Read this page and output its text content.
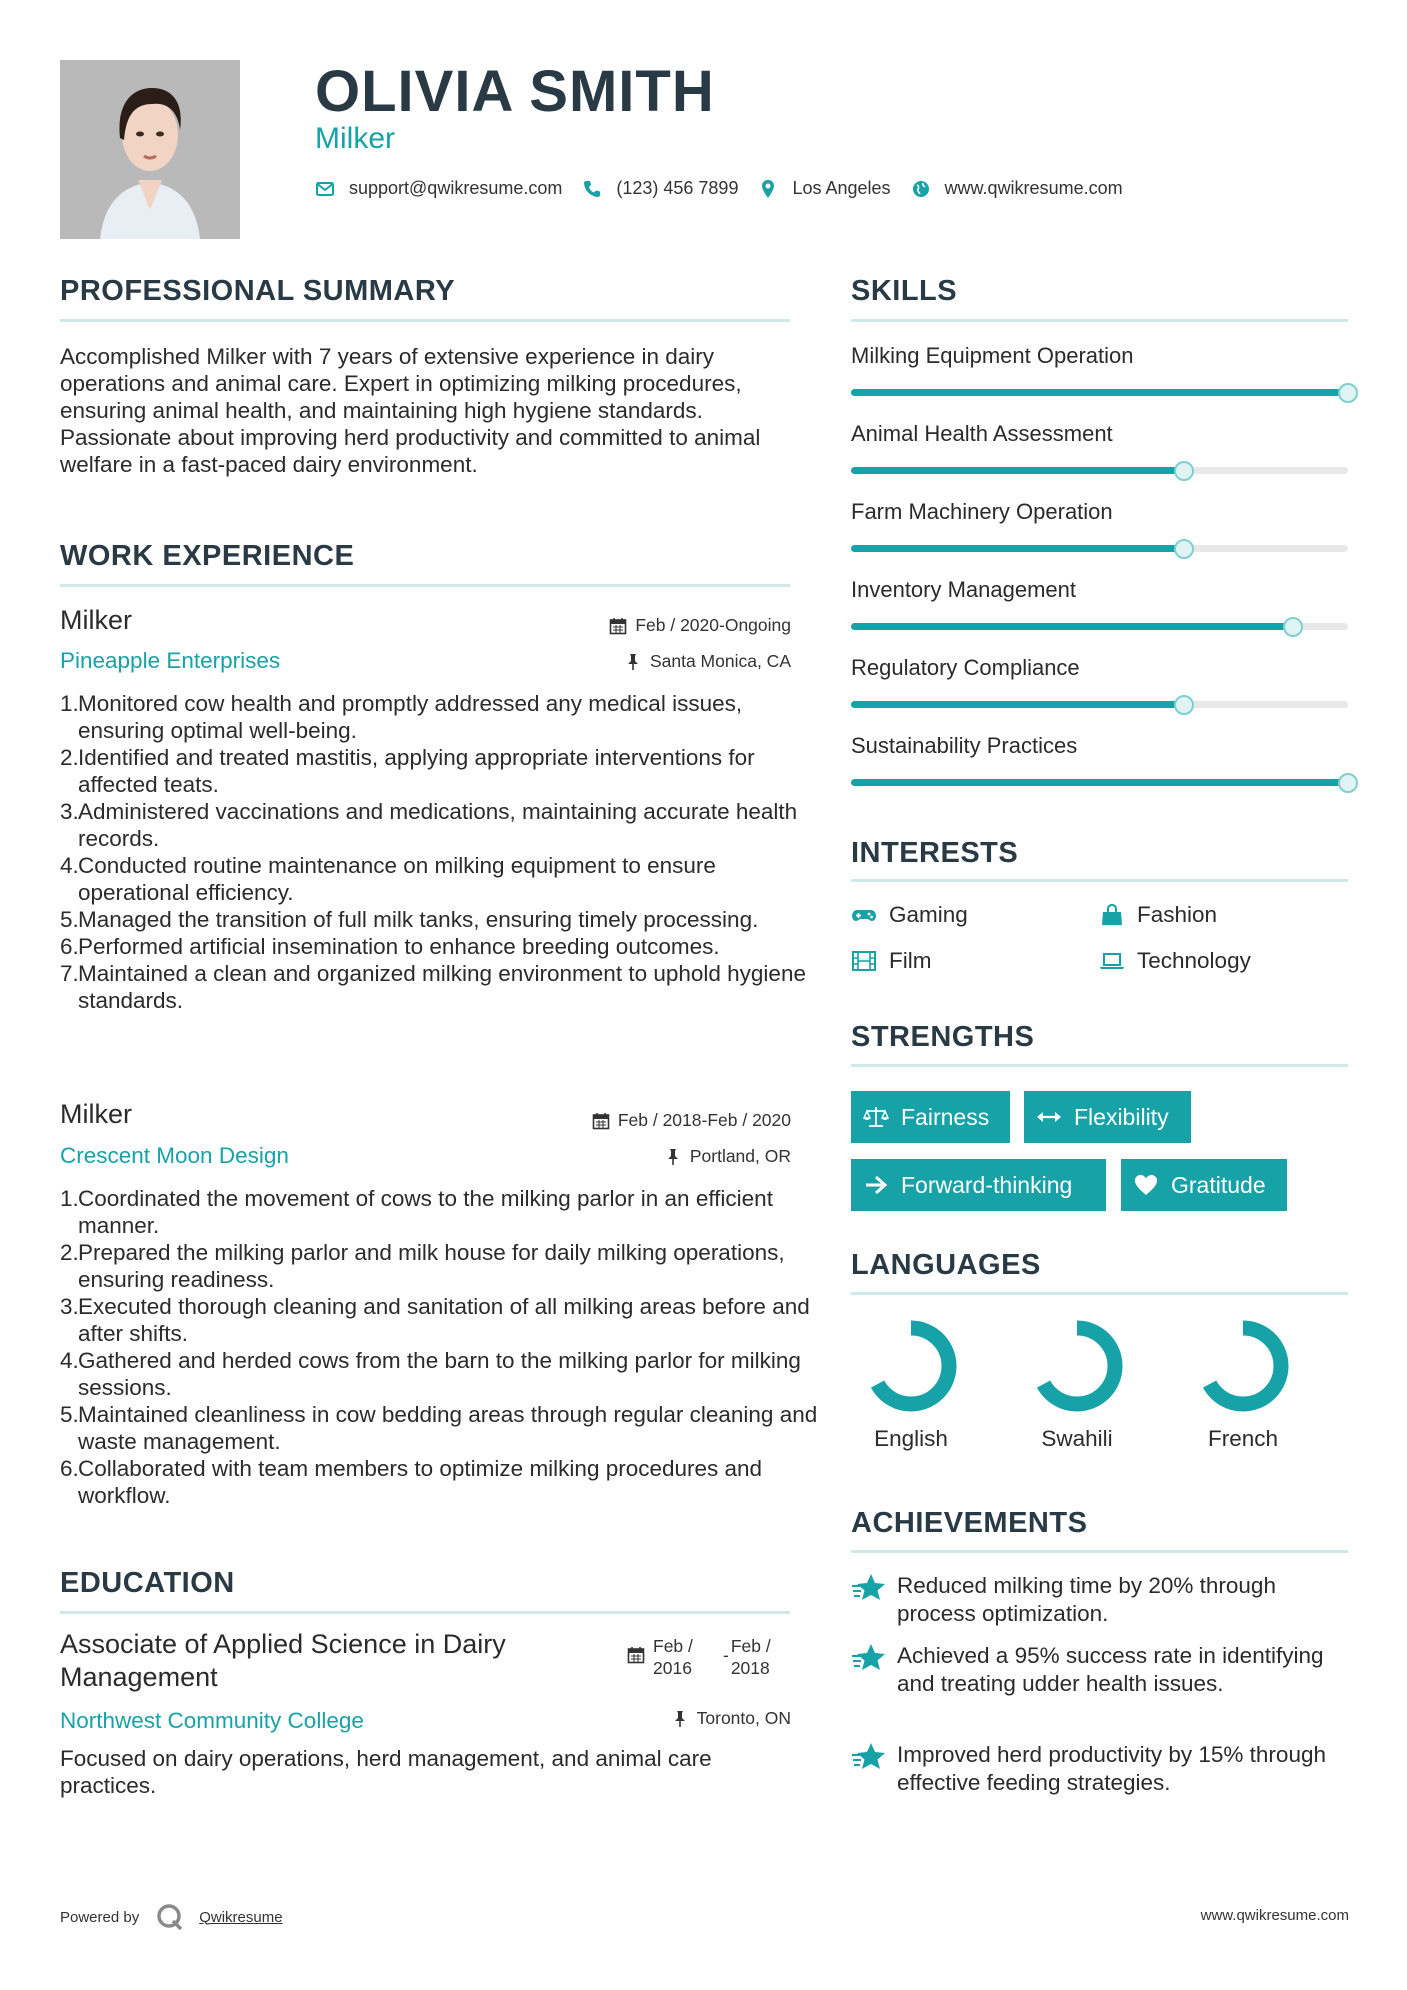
OLIVIA SMITH
Milker
support@qwikresume.com	(123) 456 7899	Los Angeles	www.qwikresume.com
PROFESSIONAL SUMMARY
Accomplished Milker with 7 years of extensive experience in dairy operations and animal care. Expert in optimizing milking procedures, ensuring animal health, and maintaining high hygiene standards. Passionate about improving herd productivity and committed to animal welfare in a fast-paced dairy environment.
WORK EXPERIENCE
Milker	Feb / 2020-Ongoing
Pineapple Enterprises	Santa Monica, CA
Monitored cow health and promptly addressed any medical issues, ensuring optimal well-being.
Identified and treated mastitis, applying appropriate interventions for affected teats.
Administered vaccinations and medications, maintaining accurate health records.
Conducted routine maintenance on milking equipment to ensure operational efficiency.
Managed the transition of full milk tanks, ensuring timely processing.
Performed artificial insemination to enhance breeding outcomes.
Maintained a clean and organized milking environment to uphold hygiene standards.
Milker	Feb / 2018-Feb / 2020
Crescent Moon Design	Portland, OR
Coordinated the movement of cows to the milking parlor in an efficient manner.
Prepared the milking parlor and milk house for daily milking operations, ensuring readiness.
Executed thorough cleaning and sanitation of all milking areas before and after shifts.
Gathered and herded cows from the barn to the milking parlor for milking sessions.
Maintained cleanliness in cow bedding areas through regular cleaning and waste management.
Collaborated with team members to optimize milking procedures and workflow.
EDUCATION
Associate of Applied Science in Dairy Management
Feb /
2016
- Feb /
2018
Northwest Community College	Toronto, ON
Focused on dairy operations, herd management, and animal care practices.
SKILLS
Milking Equipment Operation
Animal Health Assessment
Farm Machinery Operation
Inventory Management
Regulatory Compliance
Sustainability Practices
INTERESTS
Gaming	Fashion
Film	Technology
STRENGTHS
Fairness	Flexibility
Forward-thinking	Gratitude
LANGUAGES
English	Swahili	French
ACHIEVEMENTS
Reduced milking time by 20% through process optimization.
Achieved a 95% success rate in identifying and treating udder health issues.
Improved herd productivity by 15% through effective feeding strategies.
Powered by	Qwikresume	www.qwikresume.com
